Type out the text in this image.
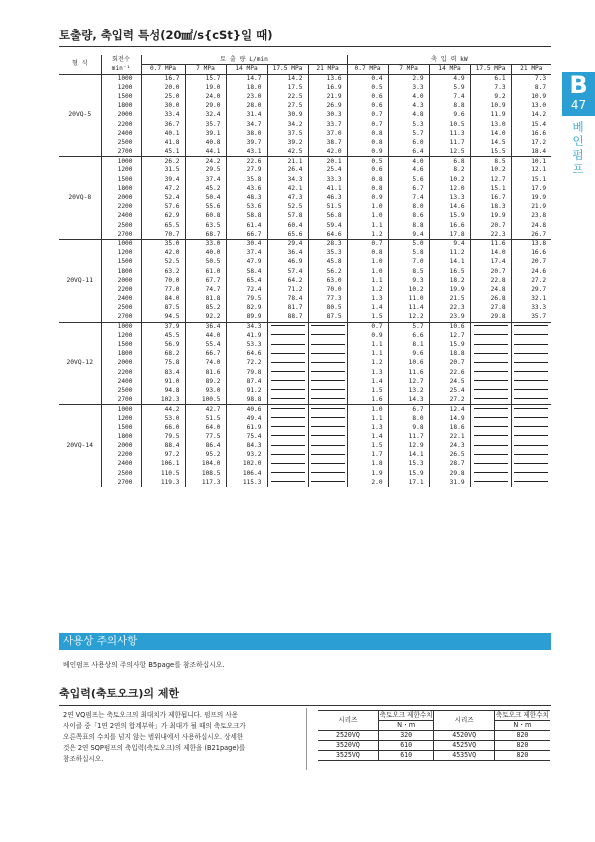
토출량, 축입력 특성(20㎟/s{cSt}일 때)
B
47
베인펌프
형 식	회전수	토 출 량 L/min					축 입 력 kW				
	min⁻¹	0.7 MPa	7 MPa	14 MPa	17.5 MPa	21 MPa	0.7 MPa	7 MPa	14 MPa	17.5 MPa	21 MPa
20VQ-5	1000	16.7	15.7	14.7	14.2	13.6	0.4	2.9	4.9	6.1	7.3
	1200	20.0	19.0	18.0	17.5	16.9	0.5	3.3	5.9	7.3	8.7
	1500	25.0	24.0	23.0	22.5	21.9	0.6	4.0	7.4	9.2	10.9
	1800	30.0	29.0	28.0	27.5	26.9	0.6	4.3	8.8	10.9	13.0
	2000	33.4	32.4	31.4	30.9	30.3	0.7	4.8	9.6	11.9	14.2
	2200	36.7	35.7	34.7	34.2	33.7	0.7	5.3	10.5	13.0	15.4
	2400	40.1	39.1	38.0	37.5	37.0	0.8	5.7	11.3	14.0	16.6
	2500	41.8	40.8	39.7	39.2	38.7	0.8	6.0	11.7	14.5	17.2
	2700	45.1	44.1	43.1	42.5	42.0	0.9	6.4	12.5	15.5	18.4
20VQ-8	1000	26.2	24.2	22.6	21.1	20.1	0.5	4.0	6.8	8.5	10.1
	1200	31.5	29.5	27.9	26.4	25.4	0.6	4.6	8.2	10.2	12.1
	1500	39.4	37.4	35.8	34.3	33.3	0.8	5.6	10.2	12.7	15.1
	1800	47.2	45.2	43.6	42.1	41.1	0.8	6.7	12.0	15.1	17.9
	2000	52.4	50.4	48.3	47.3	46.3	0.9	7.4	13.3	16.7	19.9
	2200	57.6	55.6	53.6	52.5	51.5	1.0	8.0	14.6	18.3	21.9
	2400	62.9	60.8	58.8	57.8	56.8	1.0	8.6	15.9	19.9	23.8
	2500	65.5	63.5	61.4	60.4	59.4	1.1	8.8	16.6	20.7	24.8
	2700	70.7	68.7	66.7	65.6	64.6	1.2	9.4	17.8	22.3	26.7
20VQ-11	1000	35.0	33.0	30.4	29.4	28.3	0.7	5.0	9.4	11.6	13.8
	1200	42.0	40.0	37.4	36.4	35.3	0.8	5.8	11.2	14.0	16.6
	1500	52.5	50.5	47.9	46.9	45.8	1.0	7.0	14.1	17.4	20.7
	1800	63.2	61.0	58.4	57.4	56.2	1.0	8.5	16.5	20.7	24.6
	2000	70.0	67.7	65.4	64.2	63.0	1.1	9.3	18.2	22.8	27.2
	2200	77.0	74.7	72.4	71.2	70.0	1.2	10.2	19.9	24.8	29.7
	2400	84.0	81.8	79.5	78.4	77.3	1.3	11.0	21.5	26.8	32.1
	2500	87.5	85.2	82.9	81.7	80.5	1.4	11.4	22.3	27.8	33.3
	2700	94.5	92.2	89.9	88.7	87.5	1.5	12.2	23.9	29.8	35.7
20VQ-12	1000	37.9	36.4	34.3			0.7	5.7	10.6		
	1200	45.5	44.0	41.9			0.9	6.6	12.7		
	1500	56.9	55.4	53.3			1.1	8.1	15.9		
	1800	68.2	66.7	64.6			1.1	9.6	18.8		
	2000	75.8	74.0	72.2			1.2	10.6	20.7		
	2200	83.4	81.6	79.8			1.3	11.6	22.6		
	2400	91.0	89.2	87.4			1.4	12.7	24.5		
	2500	94.8	93.0	91.2			1.5	13.2	25.4		
	2700	102.3	100.5	98.8			1.6	14.3	27.2		
20VQ-14	1000	44.2	42.7	40.6			1.0	6.7	12.4		
	1200	53.0	51.5	49.4			1.1	8.0	14.9		
	1500	66.0	64.0	61.9			1.3	9.8	18.6		
	1800	79.5	77.5	75.4			1.4	11.7	22.1		
	2000	88.4	86.4	84.3			1.5	12.9	24.3		
	2200	97.2	95.2	93.2			1.7	14.1	26.5		
	2400	106.1	104.0	102.0			1.8	15.3	28.7		
	2500	110.5	108.5	106.4			1.9	15.9	29.8		
	2700	119.3	117.3	115.3			2.0	17.1	31.9		
사용상 주의사항
베인펌프 사용상의 주의사항 B5page를 참조하십시오.
축입력(축토오크)의 제한
2연 VQ펌프는 축토오크의 최대치가 제한됩니다. 펌프의 사용
사이클 중「1연 2연의 합계부하」가 최대가 될 때의 축토오크가
오른쪽표의 수치를 넘지 않는 범위내에서 사용하십시오. 상세한
것은 2연 SQP펌프의 축입력(축토오크)의 제한을 (B21page)를
참조하십시오.
시리즈	축토오크 제한수치	시리즈	축토오크 제한수치
	N・m		N・m
2520VQ	320	4520VQ	820
3520VQ	610	4525VQ	820
3525VQ	610	4535VQ	820
